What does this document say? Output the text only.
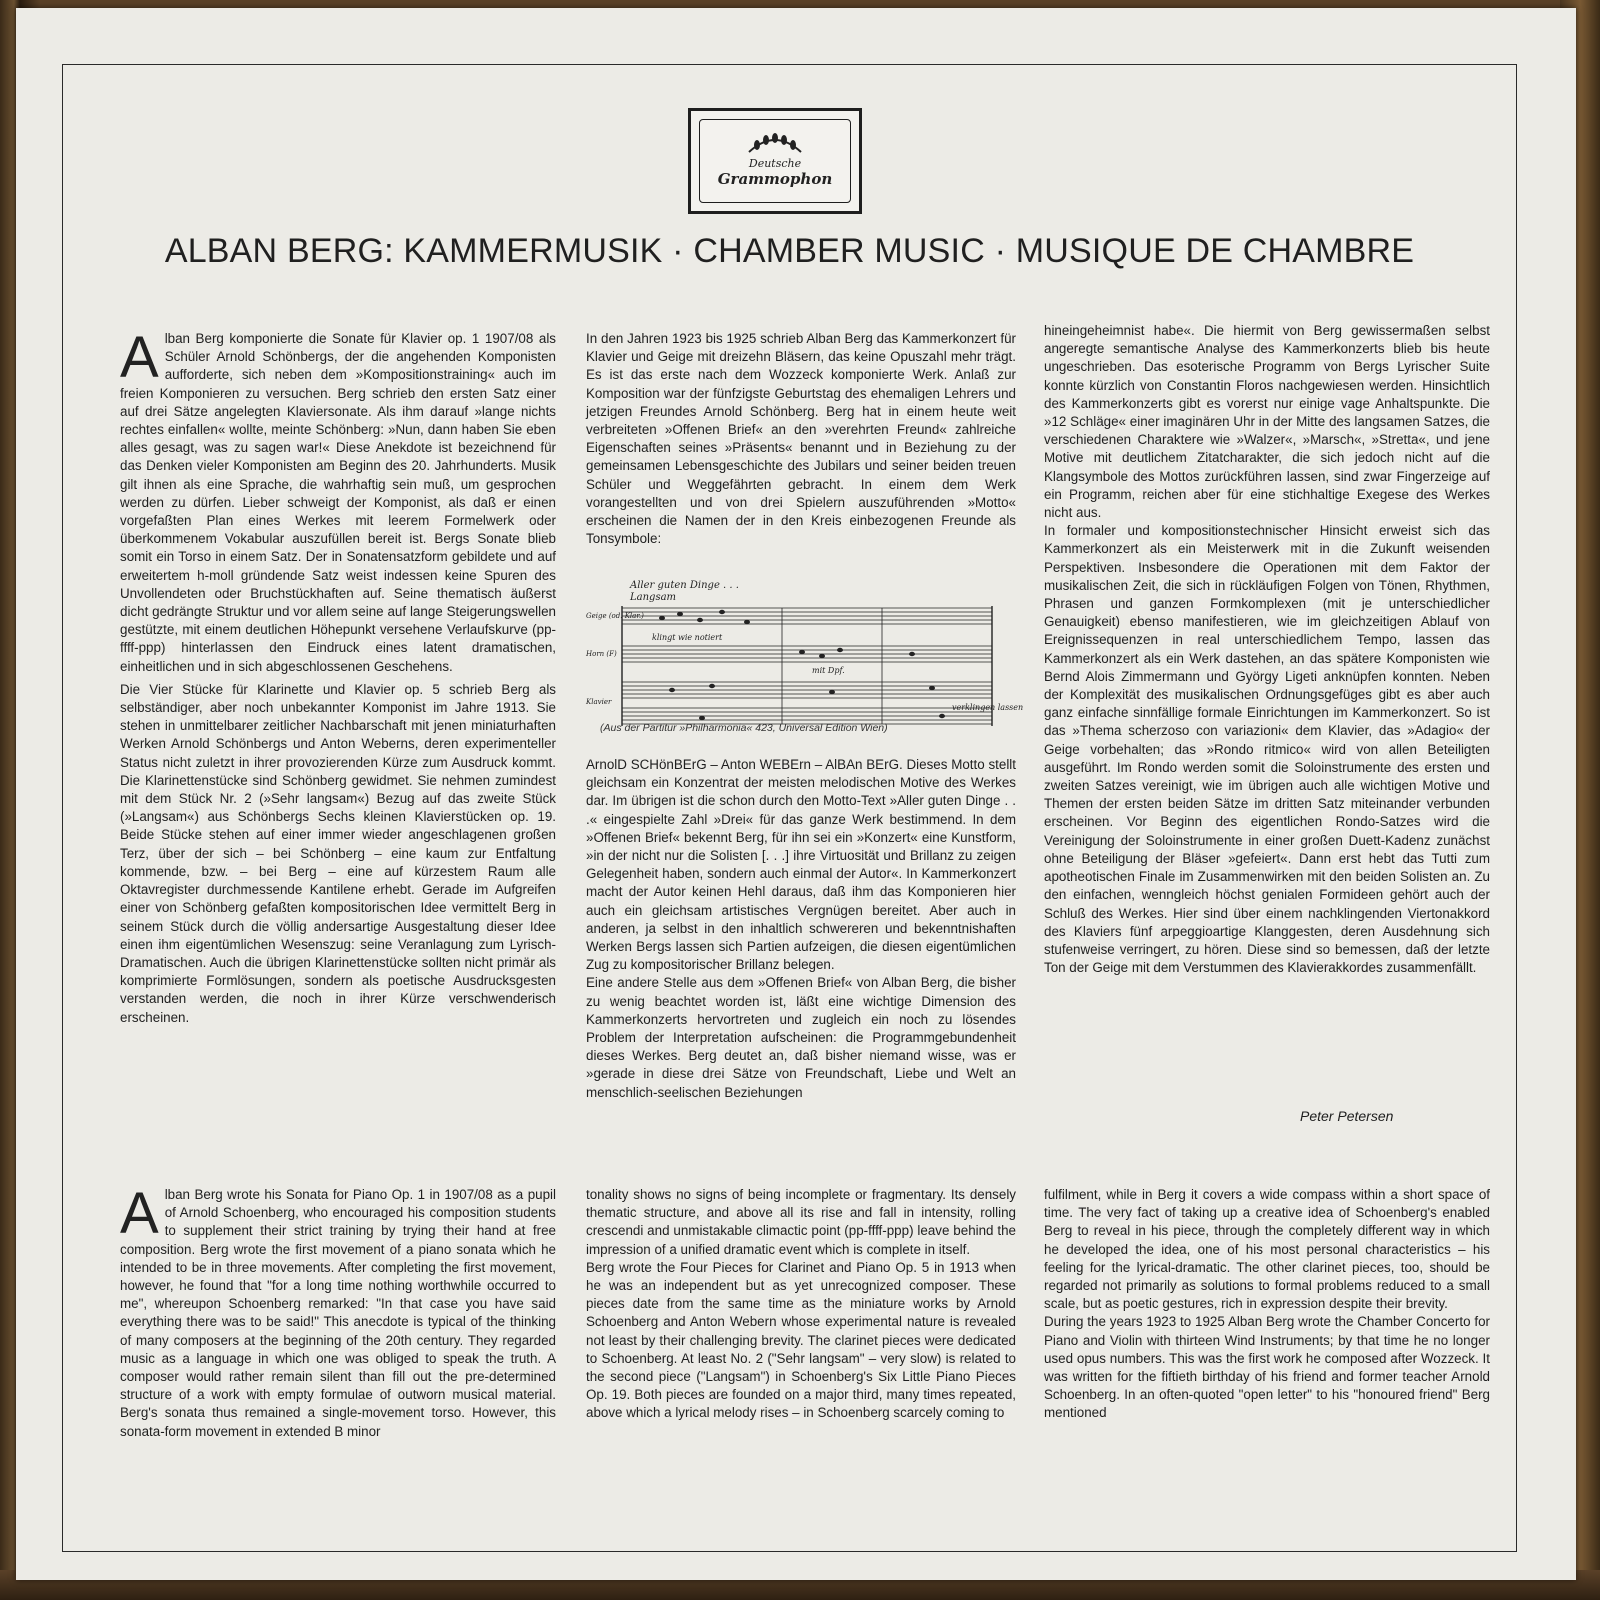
Deutsche
Grammophon
ALBAN BERG: KAMMERMUSIK · CHAMBER MUSIC · MUSIQUE DE CHAMBRE

Alban Berg komponierte die Sonate für Klavier op. 1 1907/08 als Schüler Arnold Schönbergs, der die angehenden Komponisten aufforderte, sich neben dem »Kompositionstraining« auch im freien Komponieren zu versuchen. Berg schrieb den ersten Satz einer auf drei Sätze angelegten Klaviersonate. Als ihm darauf »lange nichts rechtes einfallen« wollte, meinte Schönberg: »Nun, dann haben Sie eben alles gesagt, was zu sagen war!« Diese Anekdote ist bezeichnend für das Denken vieler Komponisten am Beginn des 20. Jahrhunderts. Musik gilt ihnen als eine Sprache, die wahrhaftig sein muß, um gesprochen werden zu dürfen. Lieber schweigt der Komponist, als daß er einen vorgefaßten Plan eines Werkes mit leerem Formelwerk oder überkommenem Vokabular auszufüllen bereit ist. Bergs Sonate blieb somit ein Torso in einem Satz. Der in Sonatensatzform gebildete und auf erweitertem h-moll gründende Satz weist indessen keine Spuren des Unvollendeten oder Bruchstückhaften auf. Seine thematisch äußerst dicht gedrängte Struktur und vor allem seine auf lange Steigerungswellen gestützte, mit einem deutlichen Höhepunkt versehene Verlaufskurve (pp-ffff-ppp) hinterlassen den Eindruck eines latent dramatischen, einheitlichen und in sich abgeschlossenen Geschehens.

Die Vier Stücke für Klarinette und Klavier op. 5 schrieb Berg als selbständiger, aber noch unbekannter Komponist im Jahre 1913. Sie stehen in unmittelbarer zeitlicher Nachbarschaft mit jenen miniaturhaften Werken Arnold Schönbergs und Anton Weberns, deren experimenteller Status nicht zuletzt in ihrer provozierenden Kürze zum Ausdruck kommt. Die Klarinettenstücke sind Schönberg gewidmet. Sie nehmen zumindest mit dem Stück Nr. 2 (»Sehr langsam«) Bezug auf das zweite Stück (»Langsam«) aus Schönbergs Sechs kleinen Klavierstücken op. 19. Beide Stücke stehen auf einer immer wieder angeschlagenen großen Terz, über der sich – bei Schönberg – eine kaum zur Entfaltung kommende, bzw. – bei Berg – eine auf kürzestem Raum alle Oktavregister durchmessende Kantilene erhebt. Gerade im Aufgreifen einer von Schönberg gefaßten kompositorischen Idee vermittelt Berg in seinem Stück durch die völlig andersartige Ausgestaltung dieser Idee einen ihm eigentümlichen Wesenszug: seine Veranlagung zum Lyrisch-Dramatischen. Auch die übrigen Klarinettenstücke sollten nicht primär als komprimierte Formlösungen, sondern als poetische Ausdrucksgesten verstanden werden, die noch in ihrer Kürze verschwenderisch erscheinen.

In den Jahren 1923 bis 1925 schrieb Alban Berg das Kammerkonzert für Klavier und Geige mit dreizehn Bläsern, das keine Opuszahl mehr trägt. Es ist das erste nach dem Wozzeck komponierte Werk. Anlaß zur Komposition war der fünfzigste Geburtstag des ehemaligen Lehrers und jetzigen Freundes Arnold Schönberg. Berg hat in einem heute weit verbreiteten »Offenen Brief« an den »verehrten Freund« zahlreiche Eigenschaften seines »Präsents« benannt und in Beziehung zu der gemeinsamen Lebensgeschichte des Jubilars und seiner beiden treuen Schüler und Weggefährten gebracht. In einem dem Werk vorangestellten und von drei Spielern auszuführenden »Motto« erscheinen die Namen der in den Kreis einbezogenen Freunde als Tonsymbole:

Aller guten Dinge . . .
Langsam
Geige (od. Klar.)
Horn (F)
Klavier
klingt wie notiert
mit Dpf.
verklingen lassen
(Aus der Partitur »Philharmonia« 423, Universal Edition Wien)

ArnolD SCHönBErG – Anton WEBErn – AlBAn BErG. Dieses Motto stellt gleichsam ein Konzentrat der meisten melodischen Motive des Werkes dar. Im übrigen ist die schon durch den Motto-Text »Aller guten Dinge . . .« eingespielte Zahl »Drei« für das ganze Werk bestimmend. In dem »Offenen Brief« bekennt Berg, für ihn sei ein »Konzert« eine Kunstform, »in der nicht nur die Solisten [. . .] ihre Virtuosität und Brillanz zu zeigen Gelegenheit haben, sondern auch einmal der Autor«. In Kammerkonzert macht der Autor keinen Hehl daraus, daß ihm das Komponieren hier auch ein gleichsam artistisches Vergnügen bereitet. Aber auch in anderen, ja selbst in den inhaltlich schwereren und bekenntnishaften Werken Bergs lassen sich Partien aufzeigen, die diesen eigentümlichen Zug zu kompositorischer Brillanz belegen.

Eine andere Stelle aus dem »Offenen Brief« von Alban Berg, die bisher zu wenig beachtet worden ist, läßt eine wichtige Dimension des Kammerkonzerts hervortreten und zugleich ein noch zu lösendes Problem der Interpretation aufscheinen: die Programmgebundenheit dieses Werkes. Berg deutet an, daß bisher niemand wisse, was er »gerade in diese drei Sätze von Freundschaft, Liebe und Welt an menschlich-seelischen Beziehungen

hineingeheimnist habe«. Die hiermit von Berg gewissermaßen selbst angeregte semantische Analyse des Kammerkonzerts blieb bis heute ungeschrieben. Das esoterische Programm von Bergs Lyrischer Suite konnte kürzlich von Constantin Floros nachgewiesen werden. Hinsichtlich des Kammerkonzerts gibt es vorerst nur einige vage Anhaltspunkte. Die »12 Schläge« einer imaginären Uhr in der Mitte des langsamen Satzes, die verschiedenen Charaktere wie »Walzer«, »Marsch«, »Stretta«, und jene Motive mit deutlichem Zitatcharakter, die sich jedoch nicht auf die Klangsymbole des Mottos zurückführen lassen, sind zwar Fingerzeige auf ein Programm, reichen aber für eine stichhaltige Exegese des Werkes nicht aus.

In formaler und kompositionstechnischer Hinsicht erweist sich das Kammerkonzert als ein Meisterwerk mit in die Zukunft weisenden Perspektiven. Insbesondere die Operationen mit dem Faktor der musikalischen Zeit, die sich in rückläufigen Folgen von Tönen, Rhythmen, Phrasen und ganzen Formkomplexen (mit je unterschiedlicher Genauigkeit) ebenso manifestieren, wie im gleichzeitigen Ablauf von Ereignissequenzen in real unterschiedlichem Tempo, lassen das Kammerkonzert als ein Werk dastehen, an das spätere Komponisten wie Bernd Alois Zimmermann und György Ligeti anknüpfen konnten. Neben der Komplexität des musikalischen Ordnungsgefüges gibt es aber auch ganz einfache sinnfällige formale Einrichtungen im Kammerkonzert. So ist das »Thema scherzoso con variazioni« dem Klavier, das »Adagio« der Geige vorbehalten; das »Rondo ritmico« wird von allen Beteiligten ausgeführt. Im Rondo werden somit die Soloinstrumente des ersten und zweiten Satzes vereinigt, wie im übrigen auch alle wichtigen Motive und Themen der ersten beiden Sätze im dritten Satz miteinander verbunden erscheinen. Vor Beginn des eigentlichen Rondo-Satzes wird die Vereinigung der Soloinstrumente in einer großen Duett-Kadenz zunächst ohne Beteiligung der Bläser »gefeiert«. Dann erst hebt das Tutti zum apotheotischen Finale im Zusammenwirken mit den beiden Solisten an. Zu den einfachen, wenngleich höchst genialen Formideen gehört auch der Schluß des Werkes. Hier sind über einem nachklingenden Viertonakkord des Klaviers fünf arpeggioartige Klanggesten, deren Ausdehnung sich stufenweise verringert, zu hören. Diese sind so bemessen, daß der letzte Ton der Geige mit dem Verstummen des Klavierakkordes zusammenfällt.

Peter Petersen

Alban Berg wrote his Sonata for Piano Op. 1 in 1907/08 as a pupil of Arnold Schoenberg, who encouraged his composition students to supplement their strict training by trying their hand at free composition. Berg wrote the first movement of a piano sonata which he intended to be in three movements. After completing the first movement, however, he found that "for a long time nothing worthwhile occurred to me", whereupon Schoenberg remarked: "In that case you have said everything there was to be said!" This anecdote is typical of the thinking of many composers at the beginning of the 20th century. They regarded music as a language in which one was obliged to speak the truth. A composer would rather remain silent than fill out the pre-determined structure of a work with empty formulae of outworn musical material. Berg's sonata thus remained a single-movement torso. However, this sonata-form movement in extended B minor

tonality shows no signs of being incomplete or fragmentary. Its densely thematic structure, and above all its rise and fall in intensity, rolling crescendi and unmistakable climactic point (pp-ffff-ppp) leave behind the impression of a unified dramatic event which is complete in itself.

Berg wrote the Four Pieces for Clarinet and Piano Op. 5 in 1913 when he was an independent but as yet unrecognized composer. These pieces date from the same time as the miniature works by Arnold Schoenberg and Anton Webern whose experimental nature is revealed not least by their challenging brevity. The clarinet pieces were dedicated to Schoenberg. At least No. 2 ("Sehr langsam" – very slow) is related to the second piece ("Langsam") in Schoenberg's Six Little Piano Pieces Op. 19. Both pieces are founded on a major third, many times repeated, above which a lyrical melody rises – in Schoenberg scarcely coming to

fulfilment, while in Berg it covers a wide compass within a short space of time. The very fact of taking up a creative idea of Schoenberg's enabled Berg to reveal in his piece, through the completely different way in which he developed the idea, one of his most personal characteristics – his feeling for the lyrical-dramatic. The other clarinet pieces, too, should be regarded not primarily as solutions to formal problems reduced to a small scale, but as poetic gestures, rich in expression despite their brevity.

During the years 1923 to 1925 Alban Berg wrote the Chamber Concerto for Piano and Violin with thirteen Wind Instruments; by that time he no longer used opus numbers. This was the first work he composed after Wozzeck. It was written for the fiftieth birthday of his friend and former teacher Arnold Schoenberg. In an often-quoted "open letter" to his "honoured friend" Berg mentioned
